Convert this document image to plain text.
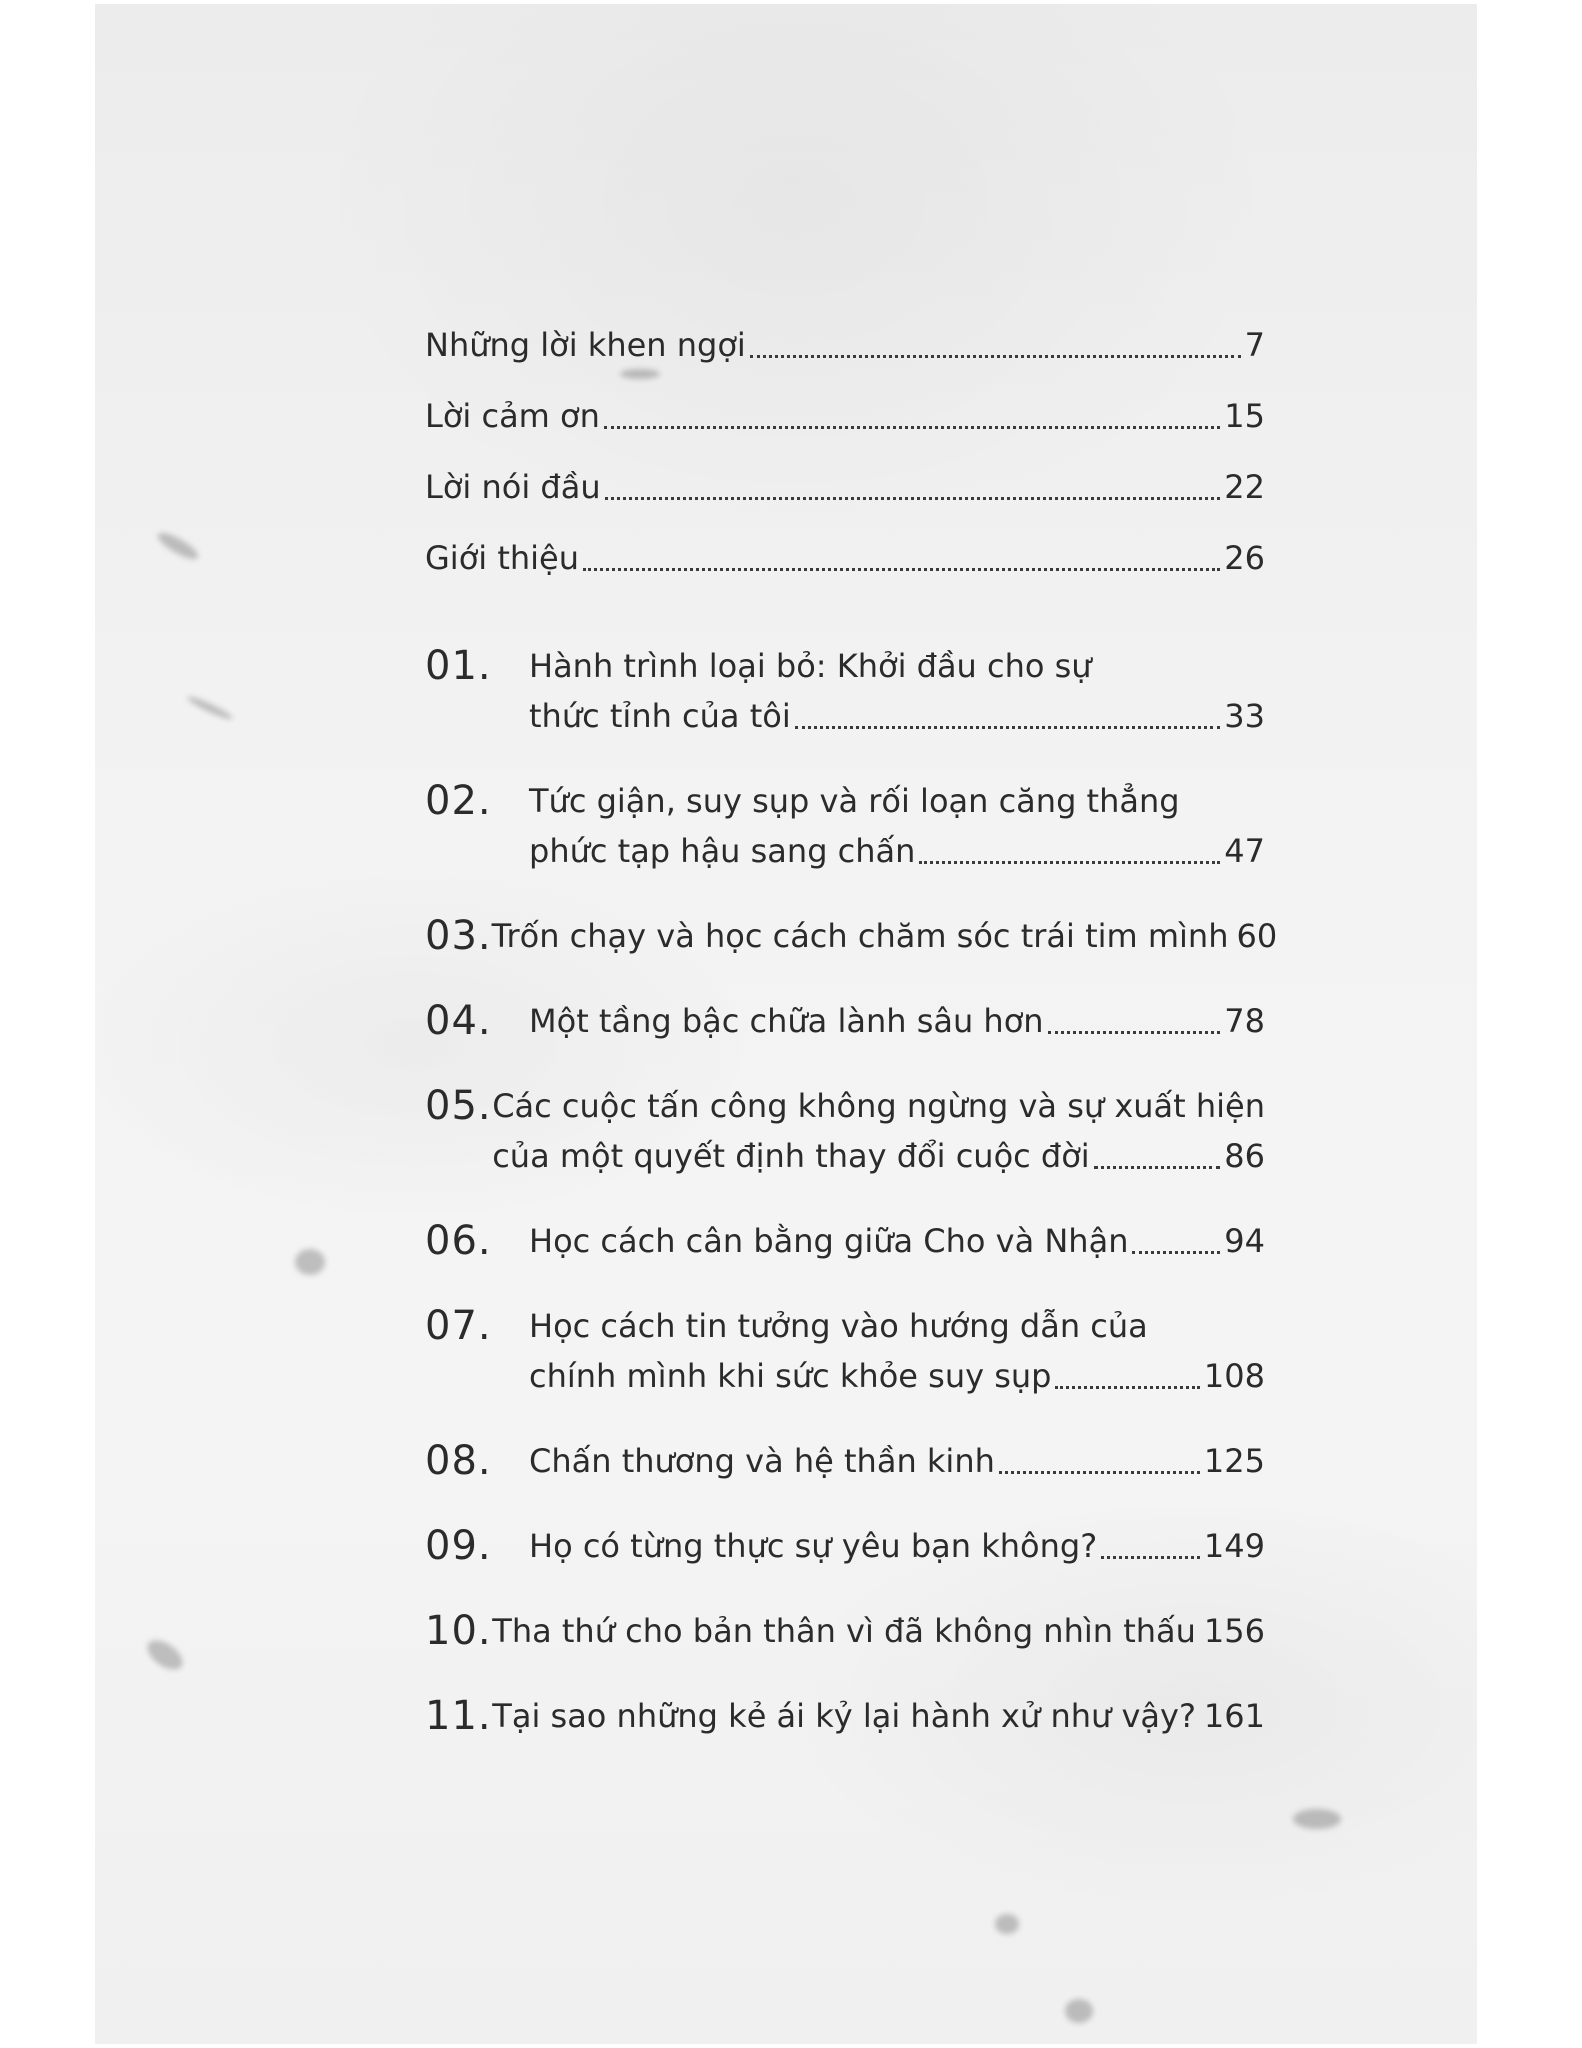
Những lời khen ngợi	7
Lời cảm ơn	15
Lời nói đầu	22
Giới thiệu	26
01.	Hành trình loại bỏ: Khởi đầu cho sự
thức tỉnh của tôi	33
02.	Tức giận, suy sụp và rối loạn căng thẳng
phức tạp hậu sang chấn	47
03. Trốn chạy và học cách chăm sóc trái tim mình 60
04.	Một tầng bậc chữa lành sâu hơn	78
05. Các cuộc tấn công không ngừng và sự xuất hiện
của một quyết định thay đổi cuộc đời	86
06.	Học cách cân bằng giữa Cho và Nhận	94
07.	Học cách tin tưởng vào hướng dẫn của
chính mình khi sức khỏe suy sụp	108
08.	Chấn thương và hệ thần kinh	125
09.	Họ có từng thực sự yêu bạn không?	149
10. Tha thứ cho bản thân vì đã không nhìn thấu 156
11. Tại sao những kẻ ái kỷ lại hành xử như vậy? 161
